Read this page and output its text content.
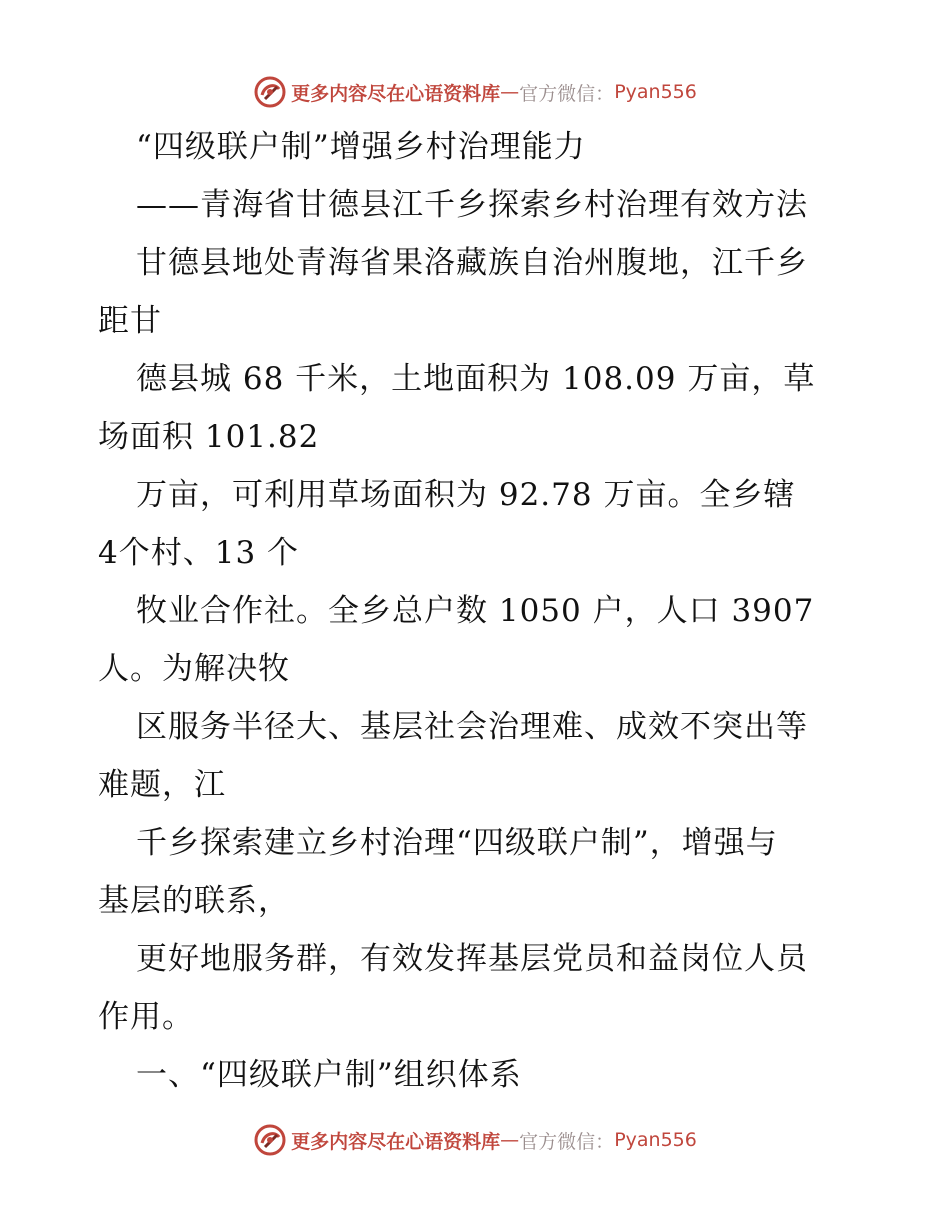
更多内容尽在心语资料库 — 官方微信： Pyan556
“四级联户制”增强乡村治理能力
——青海省甘德县江千乡探索乡村治理有效方法
甘德县地处青海省果洛藏族自治州腹地，江千乡
距甘
德县城 68 千米，土地面积为 108.09 万亩，草
场面积 101.82
万亩，可利用草场面积为 92.78 万亩。全乡辖
4个村、13 个
牧业合作社。全乡总户数 1050 户，人口 3907
人。为解决牧
区服务半径大、基层社会治理难、成效不突出等
难题，江
千乡探索建立乡村治理“四级联户制”，增强与
基层的联系，
更好地服务群，有效发挥基层党员和益岗位人员
作用。
一、“四级联户制”组织体系
更多内容尽在心语资料库 — 官方微信： Pyan556
